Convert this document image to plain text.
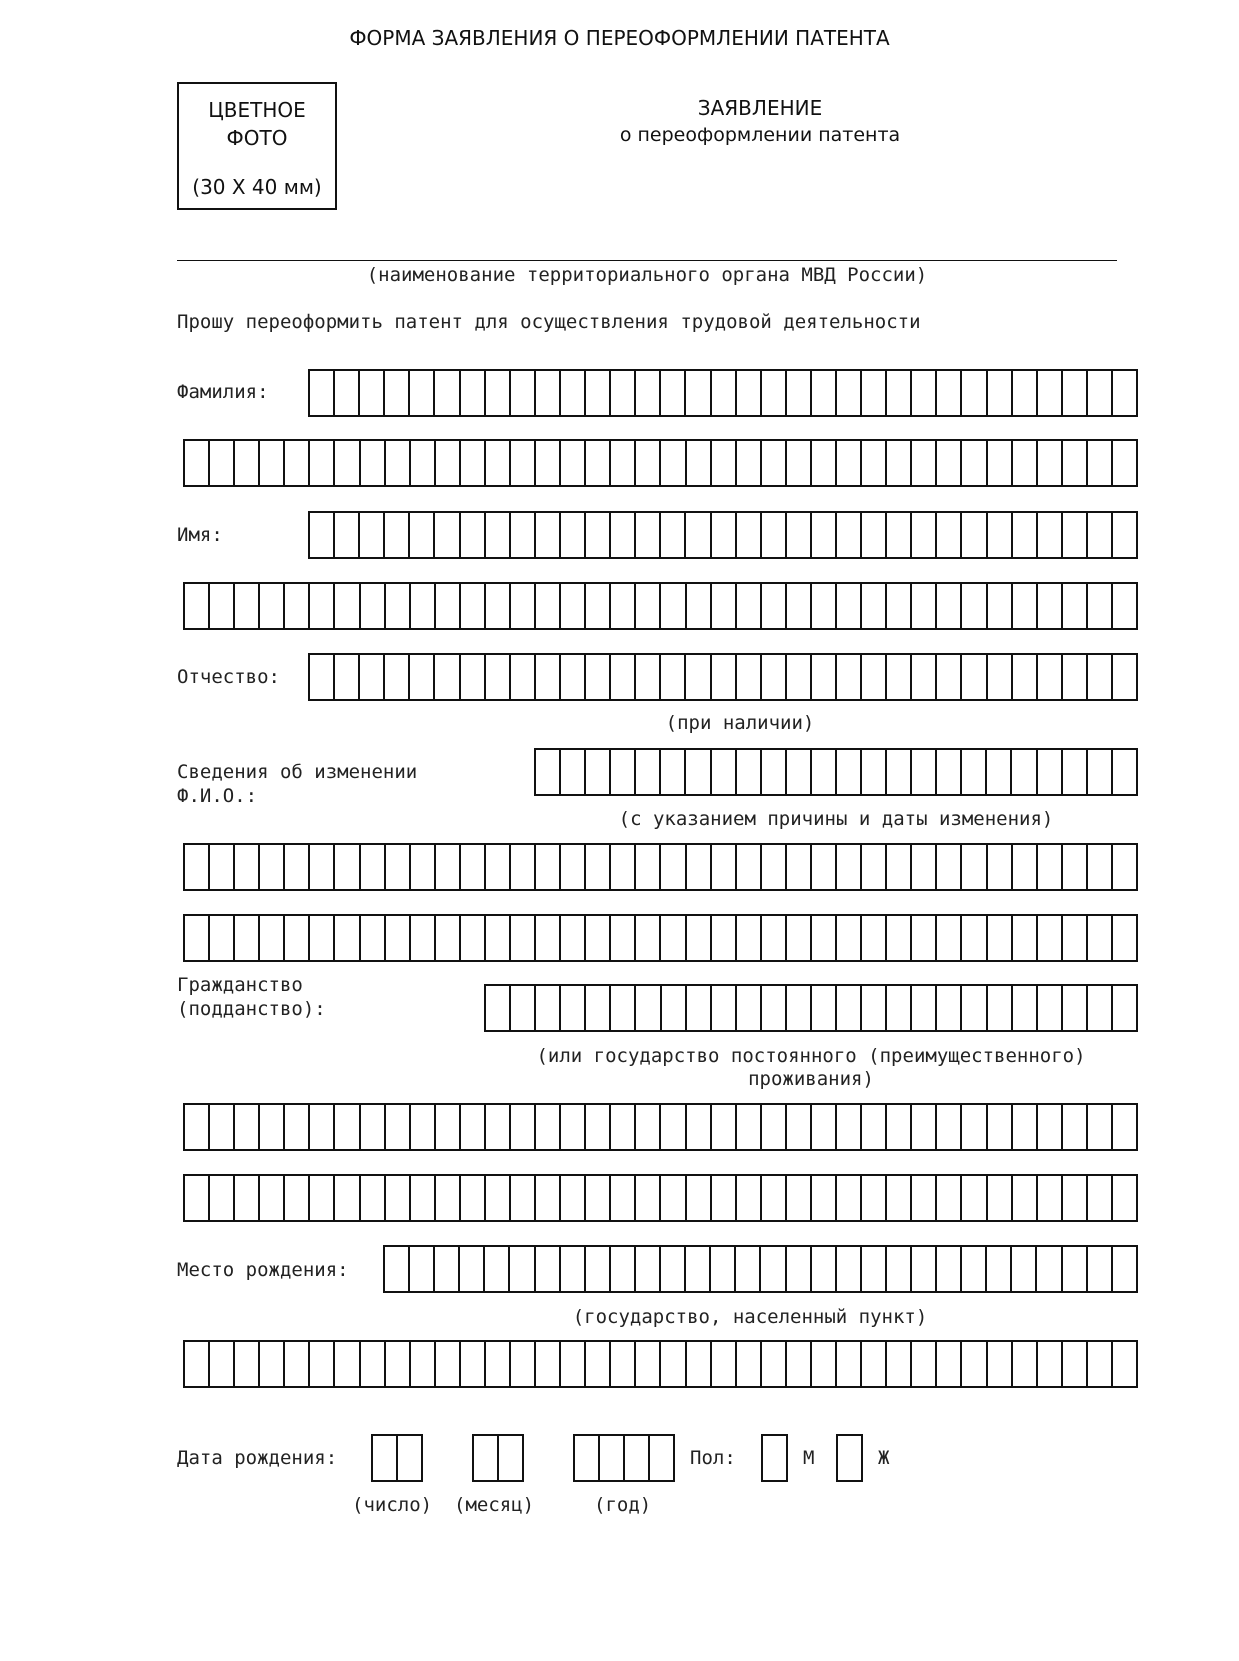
ФОРМА ЗАЯВЛЕНИЯ О ПЕРЕОФОРМЛЕНИИ ПАТЕНТА
ЦВЕТНОЕ
ФОТО
(30 X 40 мм)
ЗАЯВЛЕНИЕ
о переоформлении патента
(наименование территориального органа МВД России)
Прошу переоформить патент для осуществления трудовой деятельности
Фамилия:
Имя:
Отчество:
(при наличии)
Сведения об изменении
Ф.И.О.:
(с указанием причины и даты изменения)
Гражданство
(подданство):
(или государство постоянного (преимущественного)
проживания)
Место рождения:
(государство, населенный пункт)
Дата рождения:
(число) (месяц)	(год)
Пол:	М	Ж
